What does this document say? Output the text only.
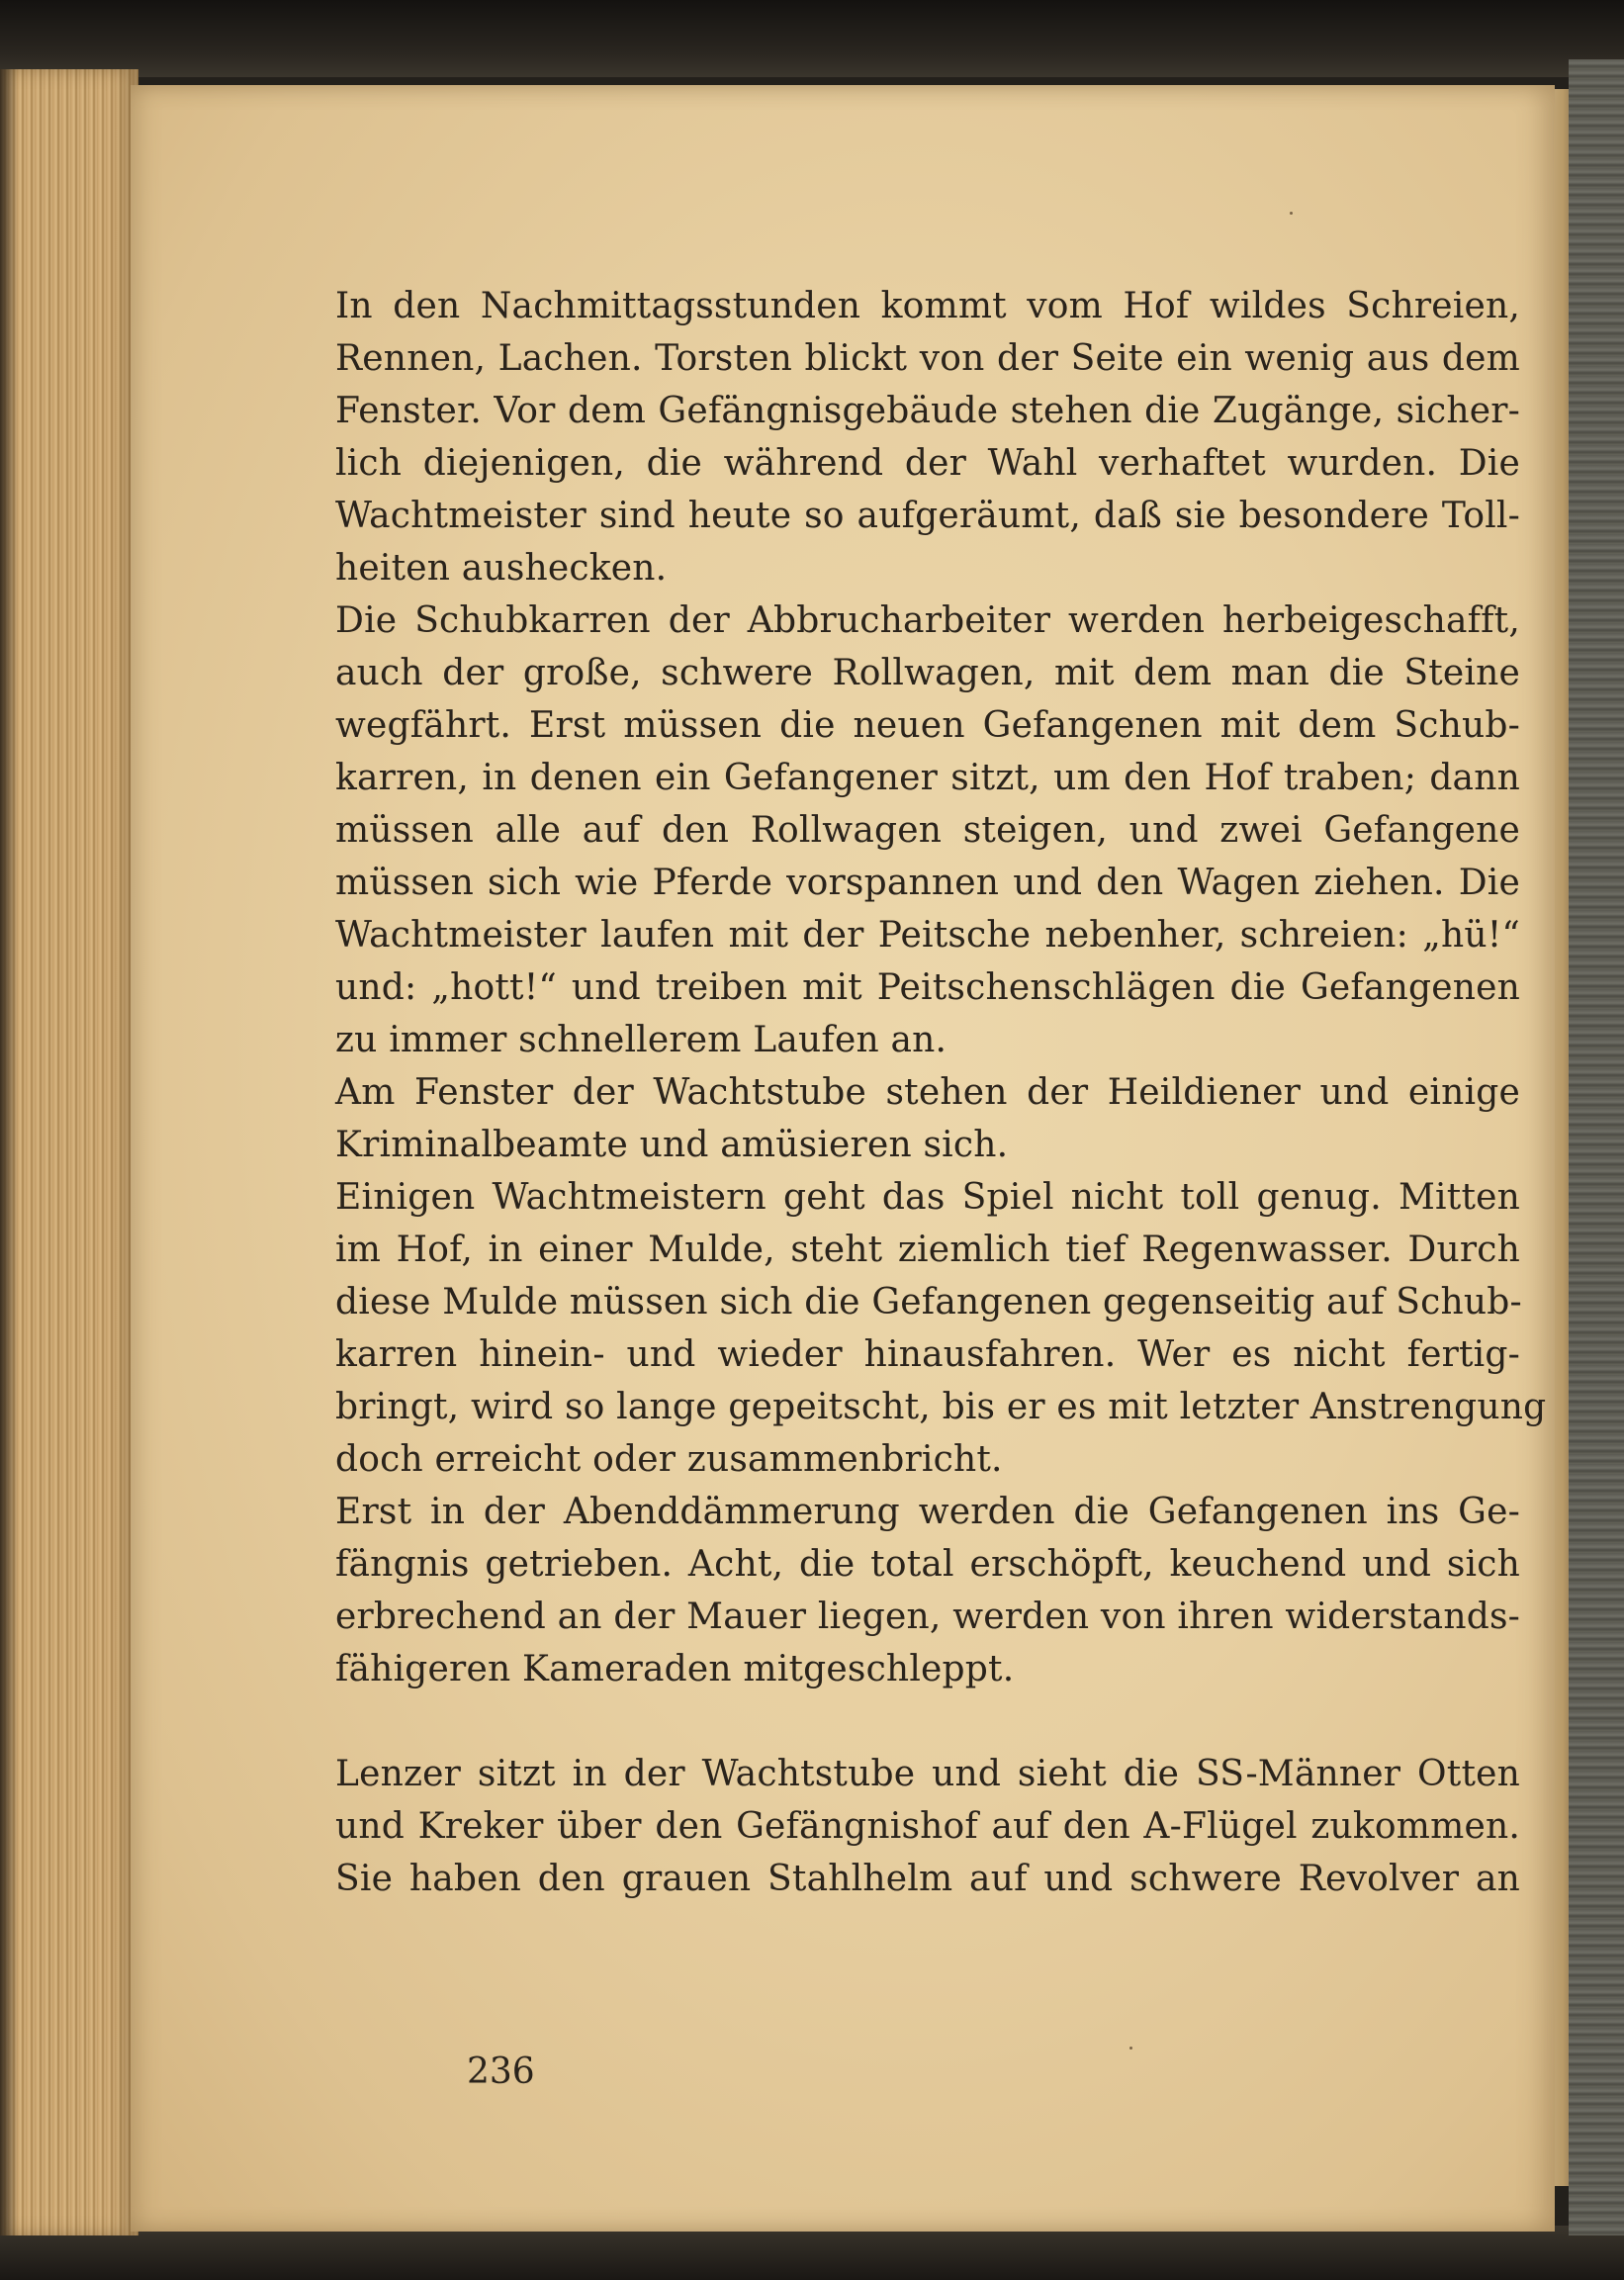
In den Nachmittagsstunden kommt vom Hof wildes Schreien,
Rennen, Lachen. Torsten blickt von der Seite ein wenig aus dem
Fenster. Vor dem Gefängnisgebäude stehen die Zugänge, sicher-
lich diejenigen, die während der Wahl verhaftet wurden. Die
Wachtmeister sind heute so aufgeräumt, daß sie besondere Toll-
heiten aushecken.
Die Schubkarren der Abbrucharbeiter werden herbeigeschafft,
auch der große, schwere Rollwagen, mit dem man die Steine
wegfährt. Erst müssen die neuen Gefangenen mit dem Schub-
karren, in denen ein Gefangener sitzt, um den Hof traben; dann
müssen alle auf den Rollwagen steigen, und zwei Gefangene
müssen sich wie Pferde vorspannen und den Wagen ziehen. Die
Wachtmeister laufen mit der Peitsche nebenher, schreien: „hü!“
und: „hott!“ und treiben mit Peitschenschlägen die Gefangenen
zu immer schnellerem Laufen an.
Am Fenster der Wachtstube stehen der Heildiener und einige
Kriminalbeamte und amüsieren sich.
Einigen Wachtmeistern geht das Spiel nicht toll genug. Mitten
im Hof, in einer Mulde, steht ziemlich tief Regenwasser. Durch
diese Mulde müssen sich die Gefangenen gegenseitig auf Schub-
karren hinein- und wieder hinausfahren. Wer es nicht fertig-
bringt, wird so lange gepeitscht, bis er es mit letzter Anstrengung
doch erreicht oder zusammenbricht.
Erst in der Abenddämmerung werden die Gefangenen ins Ge-
fängnis getrieben. Acht, die total erschöpft, keuchend und sich
erbrechend an der Mauer liegen, werden von ihren widerstands-
fähigeren Kameraden mitgeschleppt.
Lenzer sitzt in der Wachtstube und sieht die SS-Männer Otten
und Kreker über den Gefängnishof auf den A-Flügel zukommen.
Sie haben den grauen Stahlhelm auf und schwere Revolver an
236
